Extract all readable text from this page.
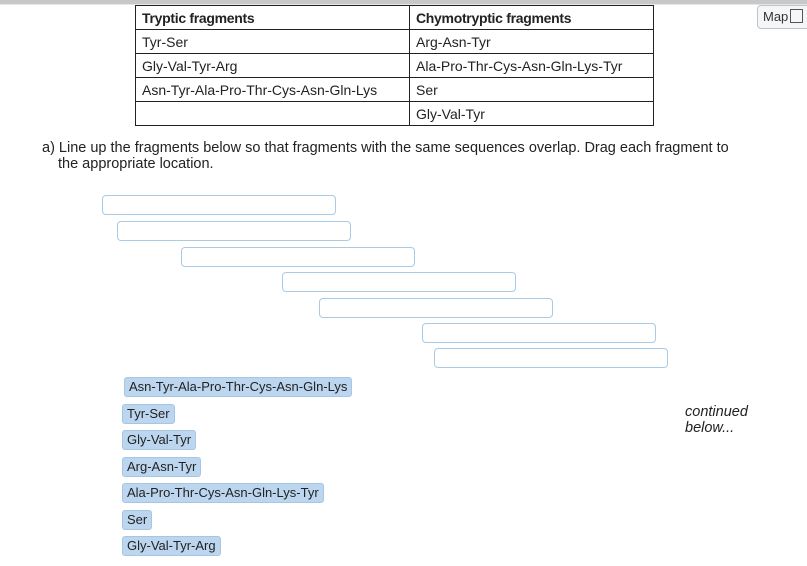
Tryptic fragments	Chymotryptic fragments
Tyr-Ser	Arg-Asn-Tyr
Gly-Val-Tyr-Arg	Ala-Pro-Thr-Cys-Asn-Gln-Lys-Tyr
Asn-Tyr-Ala-Pro-Thr-Cys-Asn-Gln-Lys	Ser
	Gly-Val-Tyr
Map
a) Line up the fragments below so that fragments with the same sequences overlap. Drag each fragment to
the appropriate location.
Asn-Tyr-Ala-Pro-Thr-Cys-Asn-Gln-Lys
Tyr-Ser
Gly-Val-Tyr
Arg-Asn-Tyr
Ala-Pro-Thr-Cys-Asn-Gln-Lys-Tyr
Ser
Gly-Val-Tyr-Arg
continued
below...
